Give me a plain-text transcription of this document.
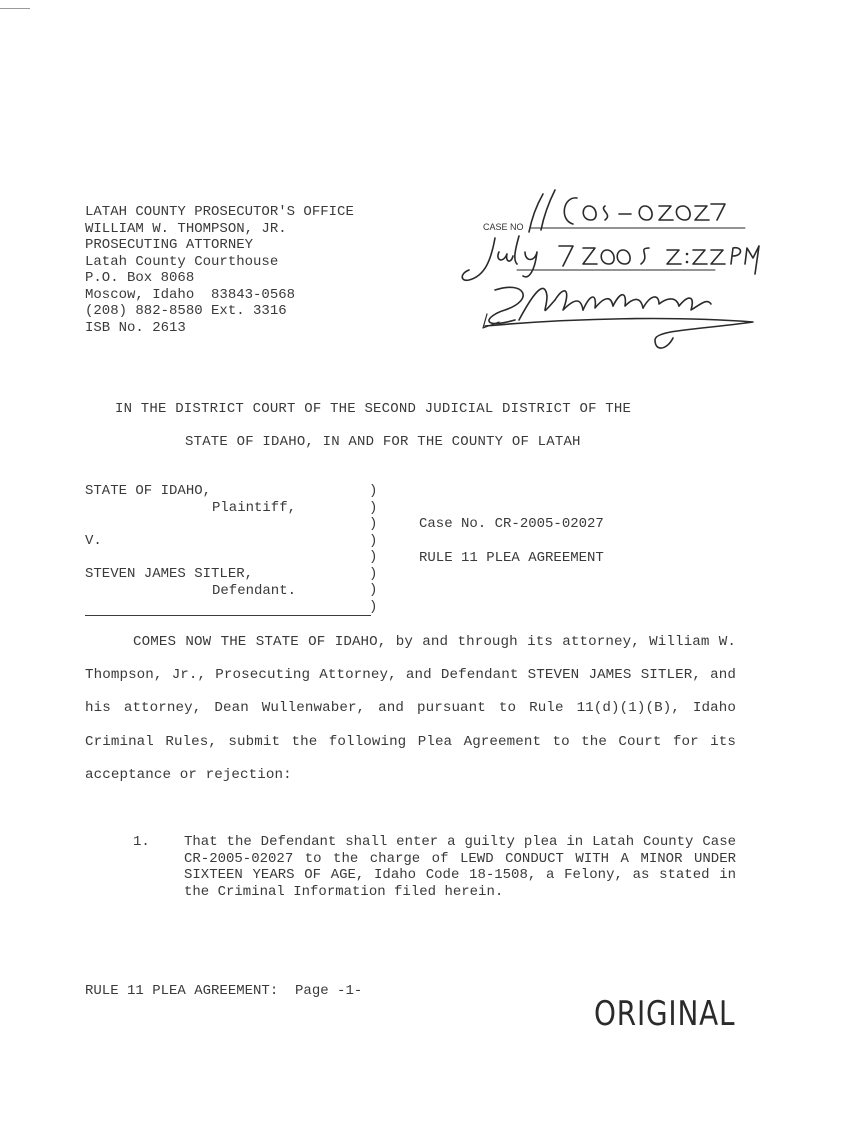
LATAH COUNTY PROSECUTOR'S OFFICE
WILLIAM W. THOMPSON, JR.
PROSECUTING ATTORNEY
Latah County Courthouse
P.O. Box 8068
Moscow, Idaho  83843-0568
(208) 882-8580 Ext. 3316
ISB No. 2613
CASE NO
IN THE DISTRICT COURT OF THE SECOND JUDICIAL DISTRICT OF THE
STATE OF IDAHO, IN AND FOR THE COUNTY OF LATAH
STATE OF IDAHO,
Plaintiff,
V.
STEVEN JAMES SITLER,
Defendant.
)
)
)
)
)
)
)
)
Case No. CR-2005-02027
RULE 11 PLEA AGREEMENT
COMES NOW THE STATE OF IDAHO, by and through its attorney, William W. Thompson, Jr., Prosecuting Attorney, and Defendant STEVEN JAMES SITLER, and his attorney, Dean Wullenwaber, and pursuant to Rule 11(d)(1)(B), Idaho Criminal Rules, submit the following Plea Agreement to the Court for its acceptance or rejection:
1. That the Defendant shall enter a guilty plea in Latah County Case CR-2005-02027 to the charge of LEWD CONDUCT WITH A MINOR UNDER SIXTEEN YEARS OF AGE, Idaho Code 18-1508, a Felony, as stated in the Criminal Information filed herein.
RULE 11 PLEA AGREEMENT:  Page -1-
ORIGINAL
